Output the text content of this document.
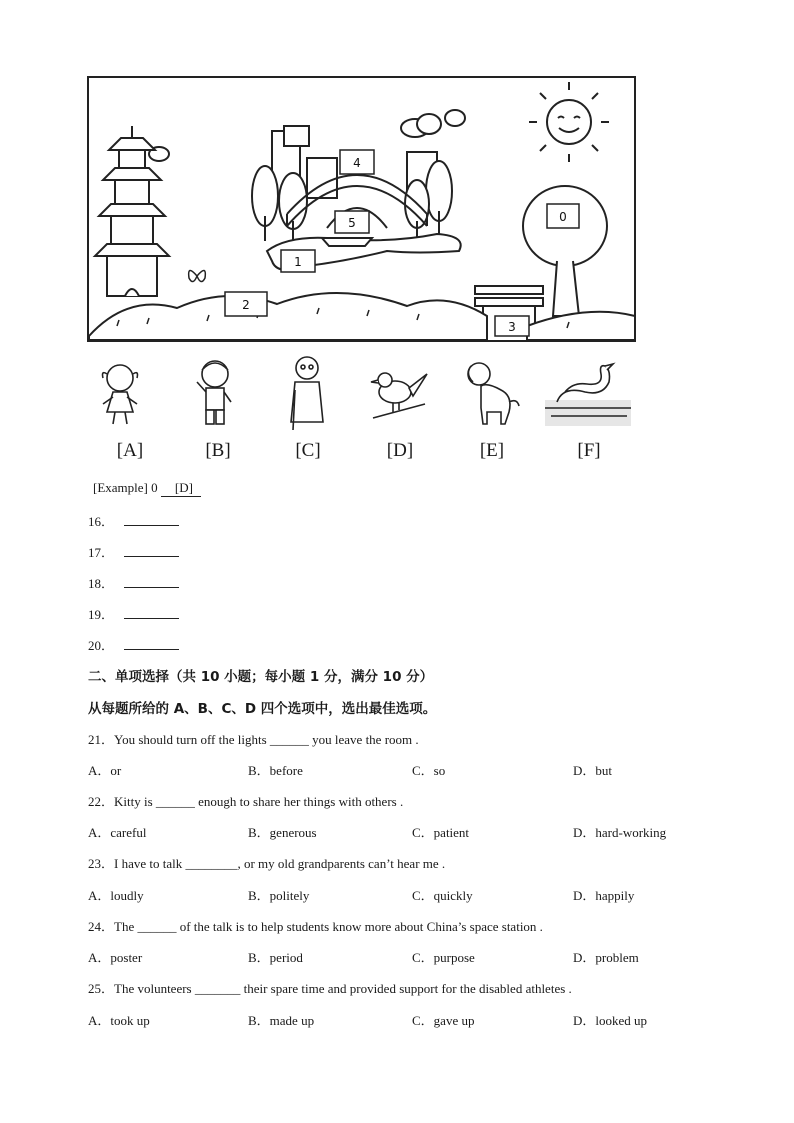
0
1
2
3
4
5
[A]	[B]	[C]	[D]	[E]	[F]
[Example] 0 [D]
16．
17．
18．
19．
20．
二、单项选择（共 10 小题；每小题 1 分，满分 10 分）
从每题所给的 A、B、C、D 四个选项中，选出最佳选项。
21．You should turn off the lights ______ you leave the room .
A．or	B．before	C．so	D．but
22．Kitty is ______ enough to share her things with others .
A．careful	B．generous	C．patient	D．hard-working
23．I have to talk ________, or my old grandparents can’t hear me .
A．loudly	B．politely	C．quickly	D．happily
24．The ______ of the talk is to help students know more about China’s space station .
A．poster	B．period	C．purpose	D．problem
25．The volunteers _______ their spare time and provided support for the disabled athletes .
A．took up	B．made up	C．gave up	D．looked up
